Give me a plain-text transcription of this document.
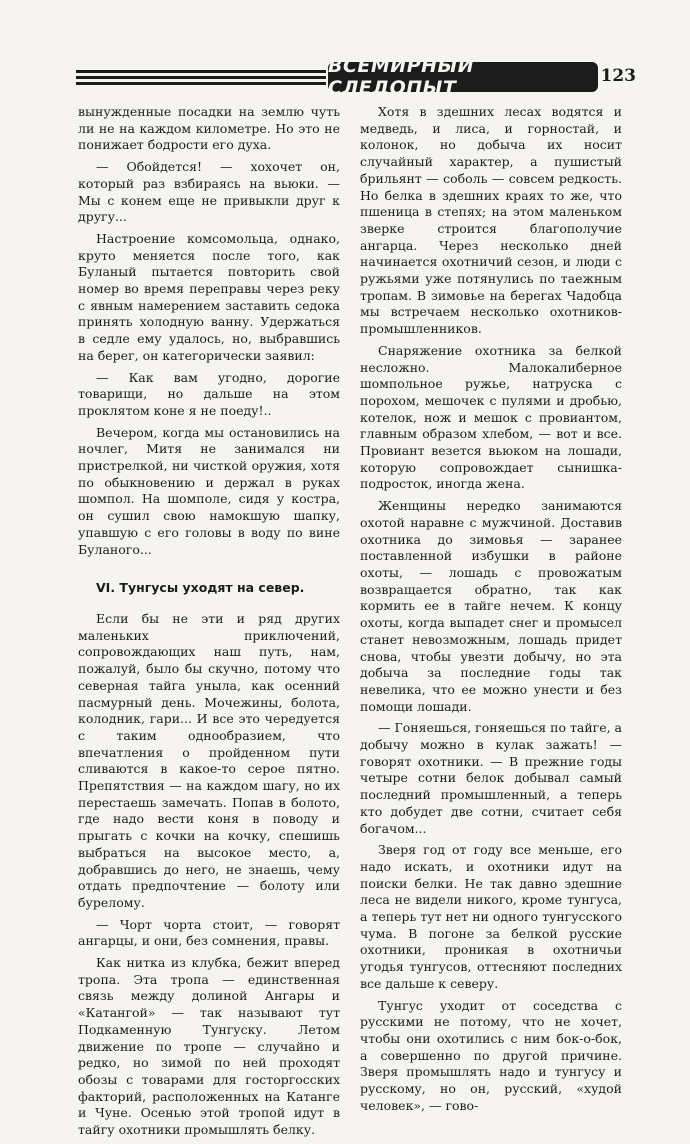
ВСЕМИРНЫЙ СЛЕДОПЫТ
123

вынужденные посадки на землю чуть ли не на каждом километре. Но это не понижает бодрости его духа.

— Обойдется! — хохочет он, который раз взбираясь на вьюки. — Мы с конем еще не привыкли друг к другу...

Настроение комсомольца, однако, круто меняется после того, как Буланый пытается повторить свой номер во время переправы через реку с явным намерением заставить седока принять холодную ванну. Удержаться в седле ему удалось, но, выбравшись на берег, он категорически заявил:

— Как вам угодно, дорогие товарищи, но дальше на этом проклятом коне я не поеду!..

Вечером, когда мы остановились на ночлег, Митя не занимался ни пристрелкой, ни чисткой оружия, хотя по обыкновению и держал в руках шомпол. На шомполе, сидя у костра, он сушил свою намокшую шапку, упавшую с его головы в воду по вине Буланого...

VI. Тунгусы уходят на север.

Если бы не эти и ряд других маленьких приключений, сопровождающих наш путь, нам, пожалуй, было бы скучно, потому что северная тайга уныла, как осенний пасмурный день. Мочежины, болота, колодник, гари... И все это чередуется с таким однообразием, что впечатления о пройденном пути сливаются в какое-то серое пятно. Препятствия — на каждом шагу, но их перестаешь замечать. Попав в болото, где надо вести коня в поводу и прыгать с кочки на кочку, спешишь выбраться на высокое место, а, добравшись до него, не знаешь, чему отдать предпочтение — болоту или бурелому.

— Чорт чорта стоит, — говорят ангарцы, и они, без сомнения, правы.

Как нитка из клубка, бежит вперед тропа. Эта тропа — единственная связь между долиной Ангары и «Катангой» — так называют тут Подкаменную Тунгуску. Летом движение по тропе — случайно и редко, но зимой по ней проходят обозы с товарами для госторгосских факторий, расположенных на Катанге и Чуне. Осенью этой тропой идут в тайгу охотники промышлять белку.

Хотя в здешних лесах водятся и медведь, и лиса, и горностай, и колонок, но добыча их носит случайный характер, а пушистый брильянт — соболь — совсем редкость. Но белка в здешних краях то же, что пшеница в степях; на этом маленьком зверке строится благополучие ангарца. Через несколько дней начинается охотничий сезон, и люди с ружьями уже потянулись по таежным тропам. В зимовье на берегах Чадобца мы встречаем несколько охотников-промышленников.

Снаряжение охотника за белкой несложно. Малокалиберное шомпольное ружье, натруска с порохом, мешочек с пулями и дробью, котелок, нож и мешок с провиантом, главным образом хлебом, — вот и все. Провиант везется вьюком на лошади, которую сопровождает сынишка-подросток, иногда жена.

Женщины нередко занимаются охотой наравне с мужчиной. Доставив охотника до зимовья — заранее поставленной избушки в районе охоты, — лошадь с провожатым возвращается обратно, так как кормить ее в тайге нечем. К концу охоты, когда выпадет снег и промысел станет невозможным, лошадь придет снова, чтобы увезти добычу, но эта добыча за последние годы так невелика, что ее можно унести и без помощи лошади.

— Гоняешься, гоняешься по тайге, а добычу можно в кулак зажать! — говорят охотники. — В прежние годы четыре сотни белок добывал самый последний промышленный, а теперь кто добудет две сотни, считает себя богачом...

Зверя год от году все меньше, его надо искать, и охотники идут на поиски белки. Не так давно здешние леса не видели никого, кроме тунгуса, а теперь тут нет ни одного тунгусского чума. В погоне за белкой русские охотники, проникая в охотничьи угодья тунгусов, оттесняют последних все дальше к северу.

Тунгус уходит от соседства с русскими не потому, что не хочет, чтобы они охотились с ним бок-о-бок, а совершенно по другой причине. Зверя промышлять надо и тунгусу и русскому, но он, русский, «худой человек», — гово-
